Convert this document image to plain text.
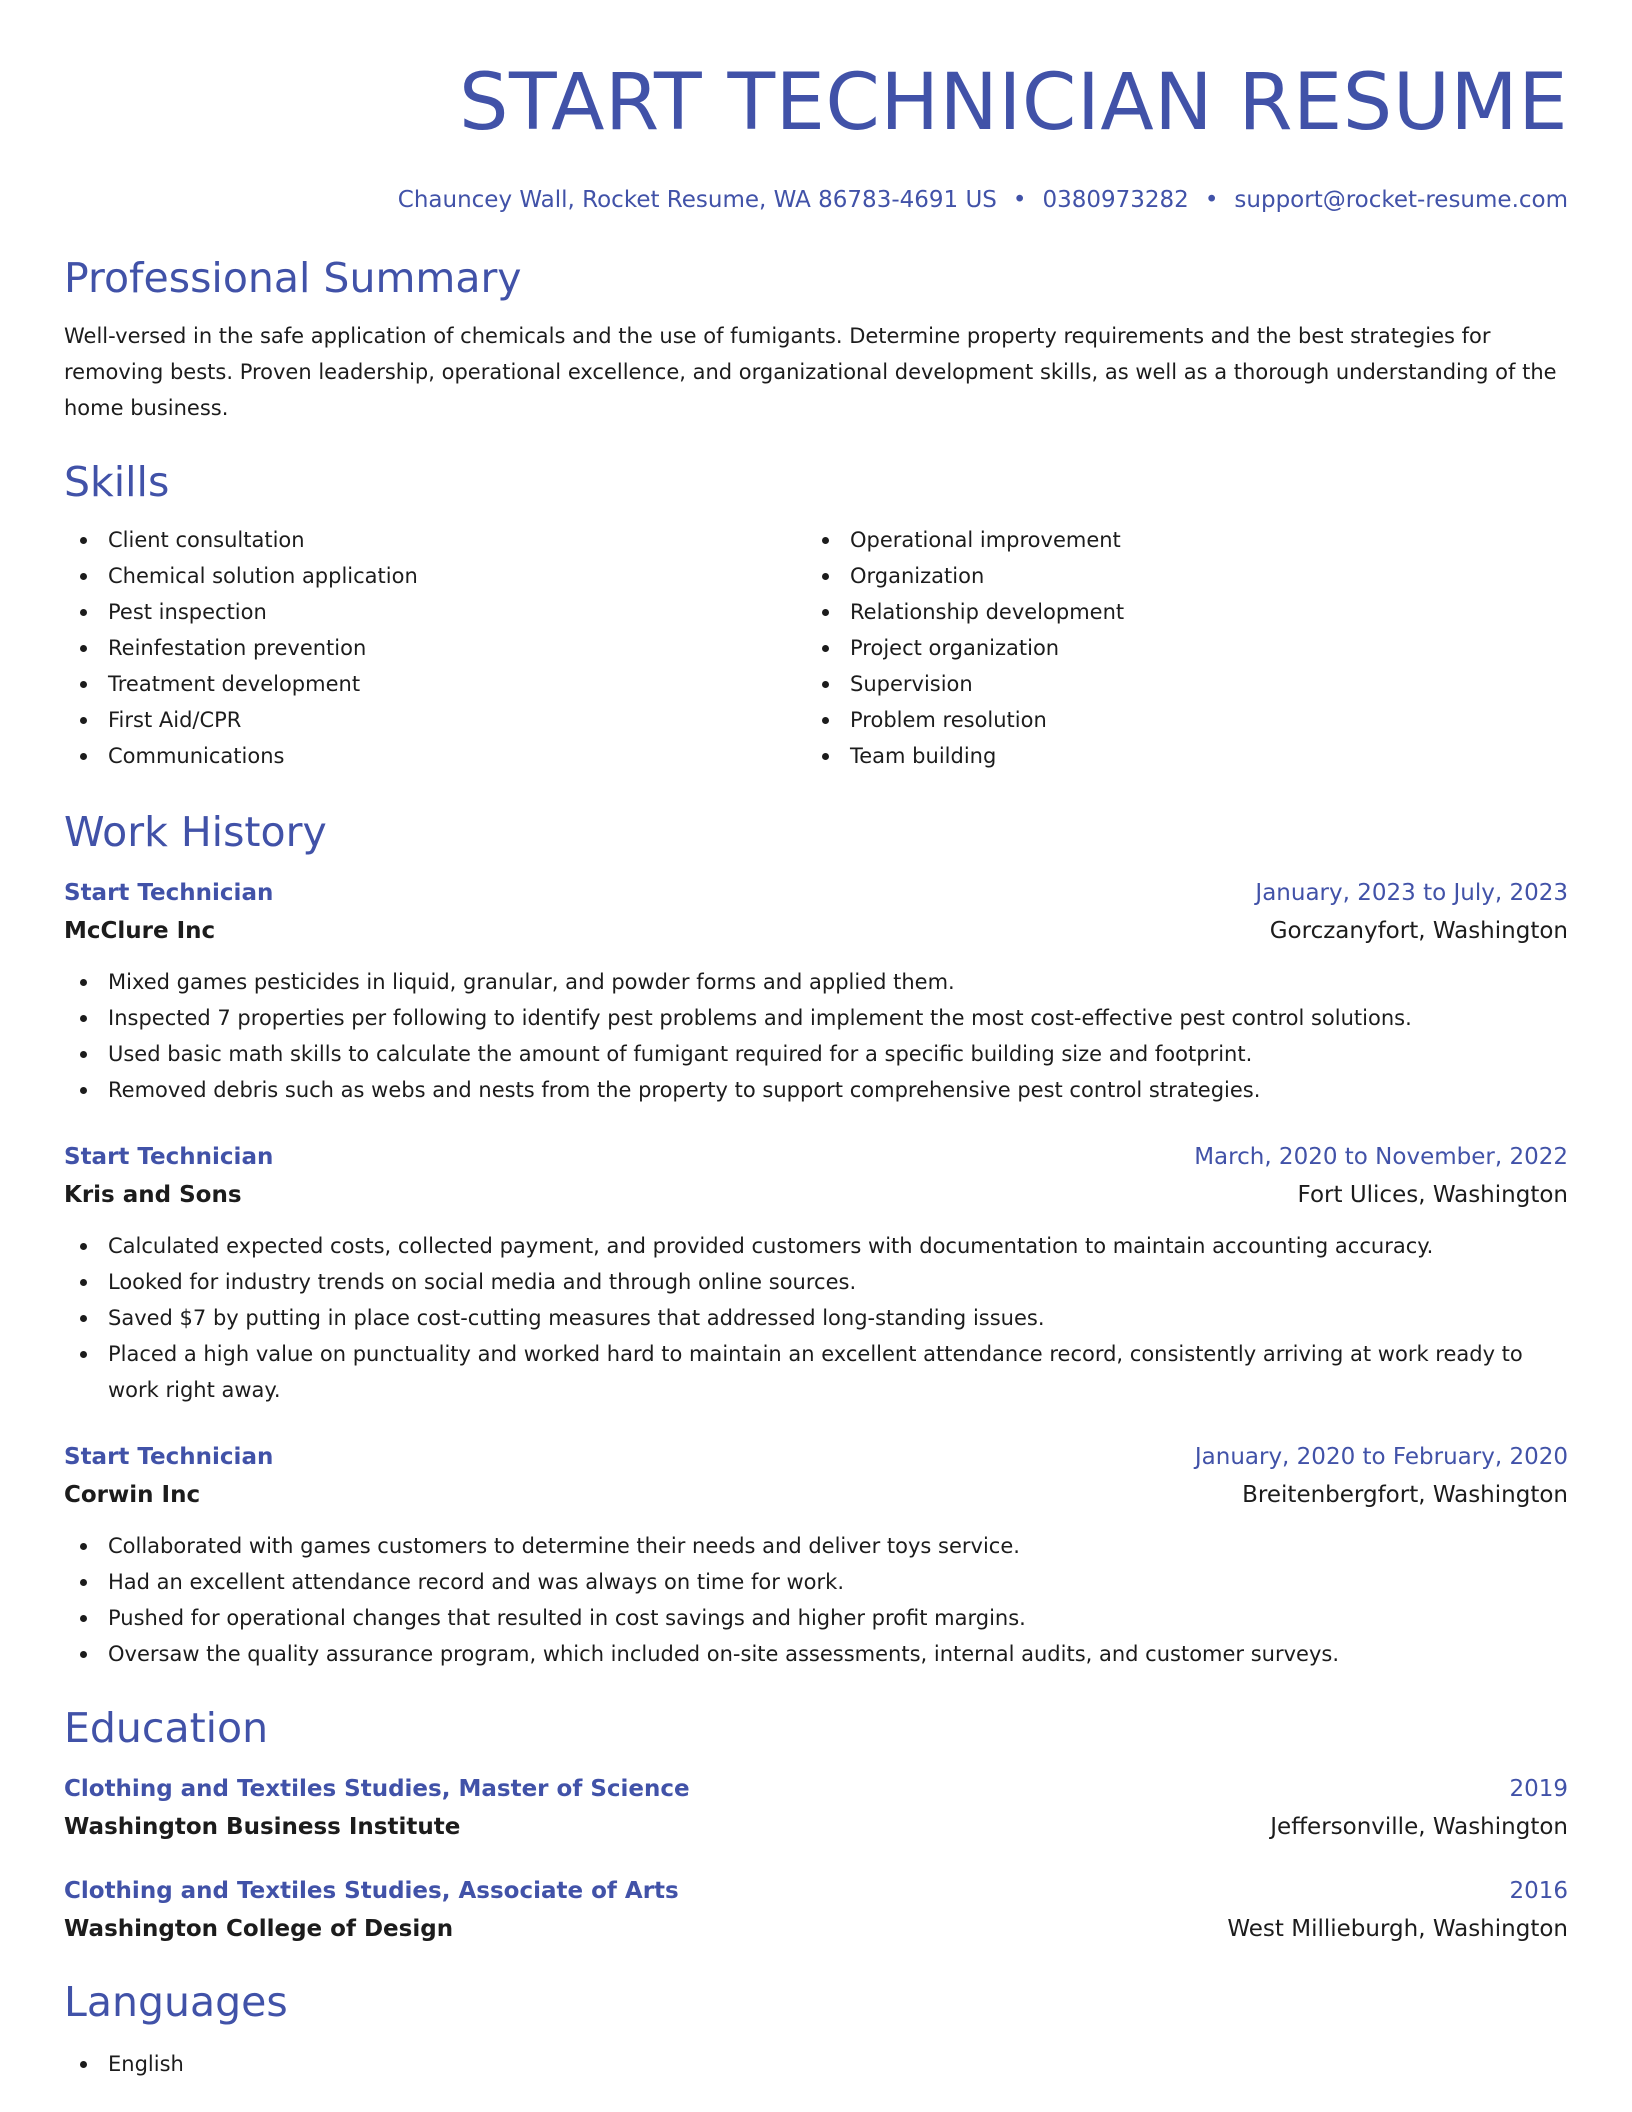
START TECHNICIAN RESUME
Chauncey Wall, Rocket Resume, WA 86783-4691 US • 0380973282 • support@rocket-resume.com
Professional Summary
Well-versed in the safe application of chemicals and the use of fumigants. Determine property requirements and the best strategies for removing bests. Proven leadership, operational excellence, and organizational development skills, as well as a thorough understanding of the home business.
Skills
Client consultation
Chemical solution application
Pest inspection
Reinfestation prevention
Treatment development
First Aid/CPR
Communications
Operational improvement
Organization
Relationship development
Project organization
Supervision
Problem resolution
Team building
Work History
Start Technician	January, 2023 to July, 2023
McClure Inc	Gorczanyfort, Washington
Mixed games pesticides in liquid, granular, and powder forms and applied them.
Inspected 7 properties per following to identify pest problems and implement the most cost-effective pest control solutions.
Used basic math skills to calculate the amount of fumigant required for a specific building size and footprint.
Removed debris such as webs and nests from the property to support comprehensive pest control strategies.
Start Technician	March, 2020 to November, 2022
Kris and Sons	Fort Ulices, Washington
Calculated expected costs, collected payment, and provided customers with documentation to maintain accounting accuracy.
Looked for industry trends on social media and through online sources.
Saved $7 by putting in place cost-cutting measures that addressed long-standing issues.
Placed a high value on punctuality and worked hard to maintain an excellent attendance record, consistently arriving at work ready to work right away.
Start Technician	January, 2020 to February, 2020
Corwin Inc	Breitenbergfort, Washington
Collaborated with games customers to determine their needs and deliver toys service.
Had an excellent attendance record and was always on time for work.
Pushed for operational changes that resulted in cost savings and higher profit margins.
Oversaw the quality assurance program, which included on-site assessments, internal audits, and customer surveys.
Education
Clothing and Textiles Studies, Master of Science	2019
Washington Business Institute	Jeffersonville, Washington
Clothing and Textiles Studies, Associate of Arts	2016
Washington College of Design	West Millieburgh, Washington
Languages
English
